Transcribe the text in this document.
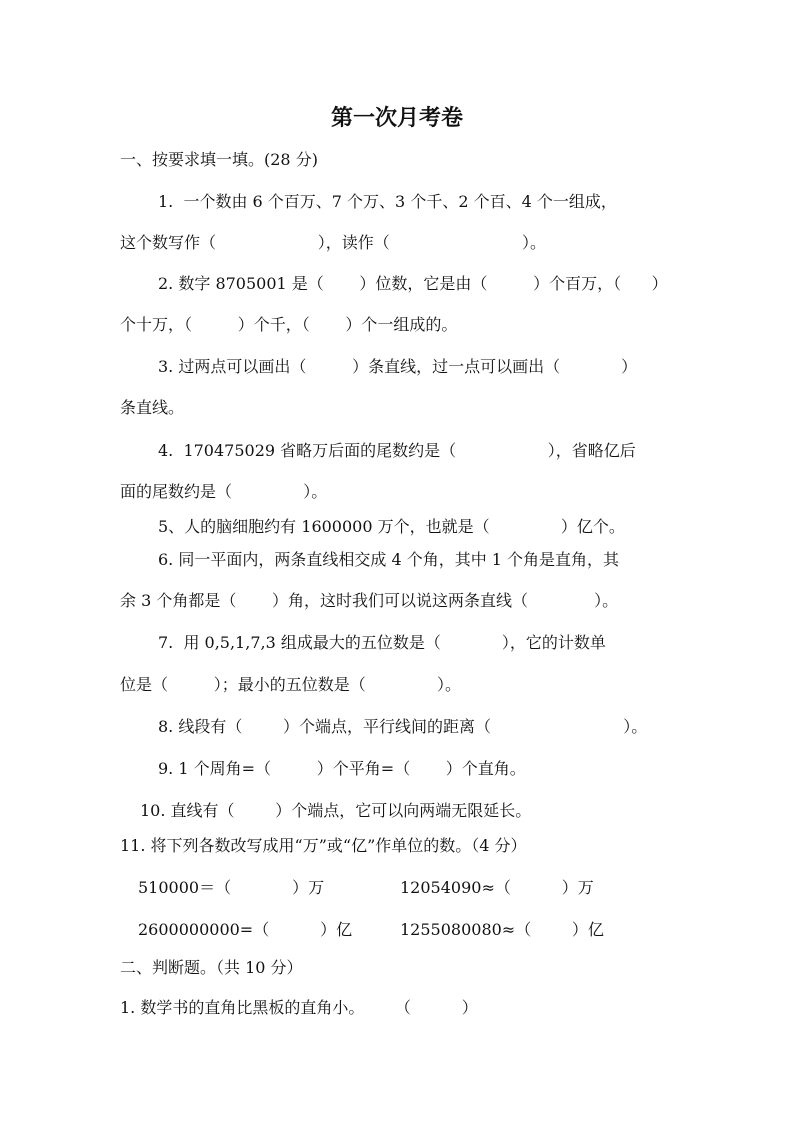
第一次月考卷
一、按要求填一填。(28 分)
1.  一个数由 6 个百万、7 个万、3 个千、2 个百、4 个一组成，
这个数写作（                    ），读作（                          ）。
2. 数字 8705001 是（       ）位数，它是由（         ）个百万，（      ）
个十万，（         ）个千，（       ）个一组成的。
3. 过两点可以画出（         ）条直线，过一点可以画出（            ）
条直线。
4.  170475029 省略万后面的尾数约是（                  ），省略亿后
面的尾数约是（              ）。
5、人的脑细胞约有 1600000 万个，也就是（              ）亿个。
6. 同一平面内，两条直线相交成 4 个角，其中 1 个角是直角，其
余 3 个角都是（       ）角，这时我们可以说这两条直线（             ）。
7.  用 0,5,1,7,3 组成最大的五位数是（            ），它的计数单
位是（         ）；最小的五位数是（              ）。
8. 线段有（        ）个端点，平行线间的距离（                          ）。
9. 1 个周角=（         ）个平角=（       ）个直角。
10. 直线有（        ）个端点，它可以向两端无限延长。
11. 将下列各数改写成用“万”或“亿”作单位的数。（4 分）
510000＝（            ）万	12054090≈（          ）万
2600000000=（          ）亿	1255080080≈（        ）亿
二、判断题。（共 10 分）
1. 数学书的直角比黑板的直角小。      （          ）
